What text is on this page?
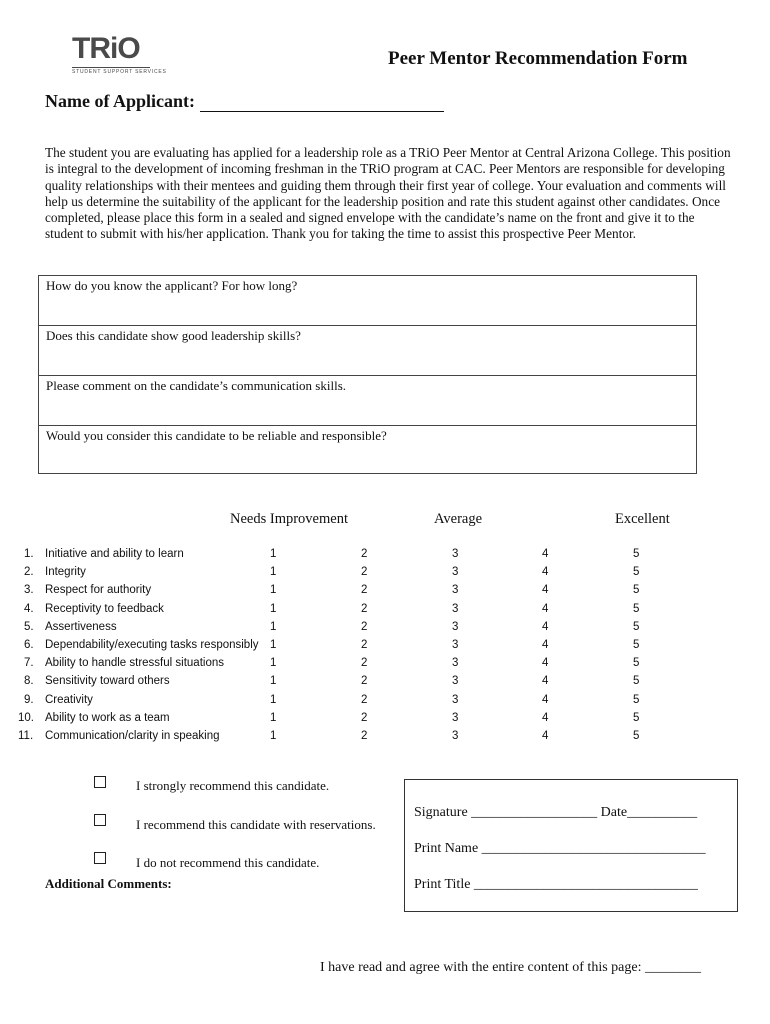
TRiO
STUDENT SUPPORT SERVICES
Peer Mentor Recommendation Form
Name of Applicant:
The student you are evaluating has applied for a leadership role as a TRiO Peer Mentor at Central Arizona College. This position is integral to the development of incoming freshman in the TRiO program at CAC. Peer Mentors are responsible for developing quality relationships with their mentees and guiding them through their first year of college. Your evaluation and comments will help us determine the suitability of the applicant for the leadership position and rate this student against other candidates. Once completed, please place this form in a sealed and signed envelope with the candidate’s name on the front and give it to the student to submit with his/her application. Thank you for taking the time to assist this prospective Peer Mentor.
How do you know the applicant? For how long?
Does this candidate show good leadership skills?
Please comment on the candidate’s communication skills.
Would you consider this candidate to be reliable and responsible?
Needs Improvement	Average	Excellent
1. Initiative and ability to learn	1	2	3	4	5
2. Integrity	1	2	3	4	5
3. Respect for authority	1	2	3	4	5
4. Receptivity to feedback	1	2	3	4	5
5. Assertiveness	1	2	3	4	5
6. Dependability/executing tasks responsibly 1	2	3	4	5
7. Ability to handle stressful situations	1	2	3	4	5
8. Sensitivity toward others	1	2	3	4	5
9. Creativity	1	2	3	4	5
10. Ability to work as a team	1	2	3	4	5
11. Communication/clarity in speaking	1	2	3	4	5
I strongly recommend this candidate.
I recommend this candidate with reservations.
I do not recommend this candidate.
Additional Comments:
Signature __________________ Date__________
Print Name ________________________________
Print Title ________________________________
I have read and agree with the entire content of this page: ________
